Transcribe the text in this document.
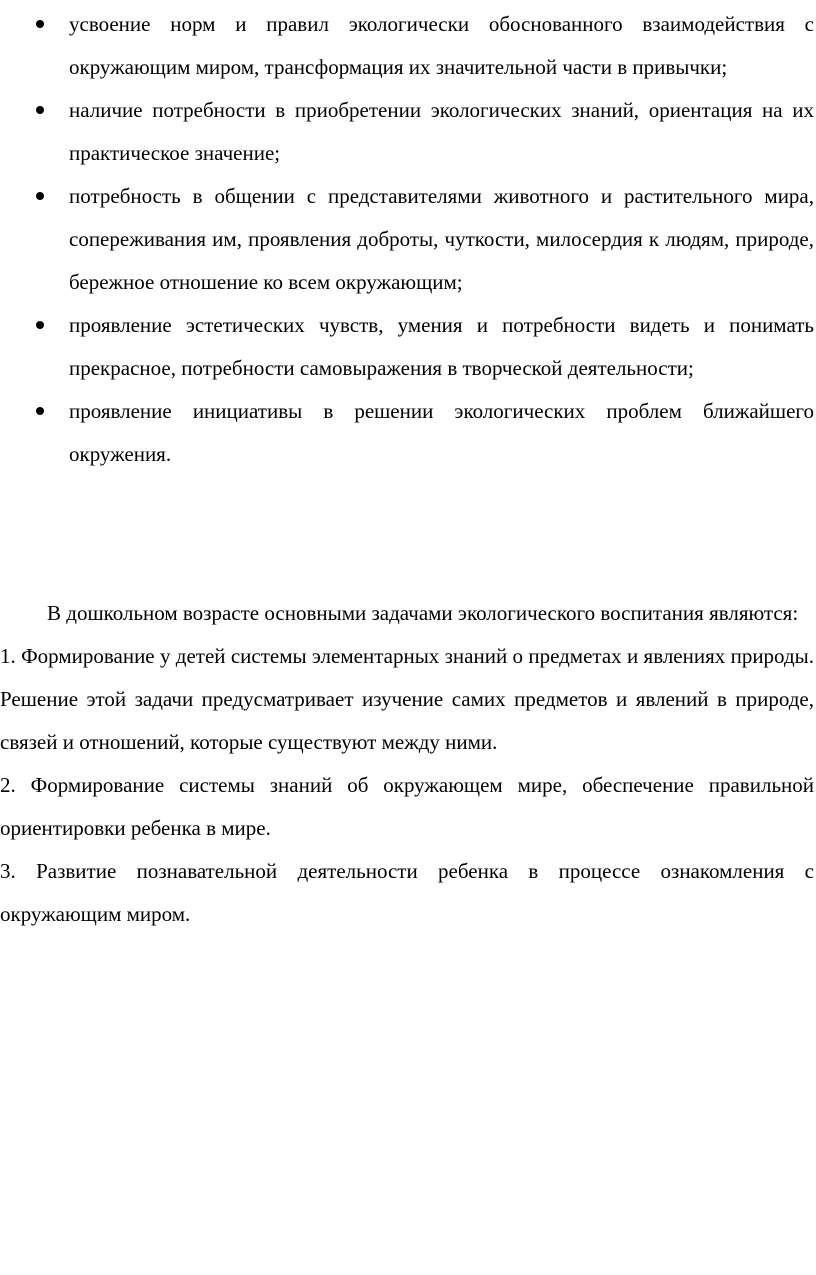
усвоение норм и правил экологически обоснованного взаимодействия с окружающим миром, трансформация их значительной части в привычки;
наличие потребности в приобретении экологических знаний, ориентация на их практическое значение;
потребность в общении с представителями животного и растительного мира, сопереживания им, проявления доброты, чуткости, милосердия к людям, природе, бережное отношение ко всем окружающим;
проявление эстетических чувств, умения и потребности видеть и понимать прекрасное, потребности самовыражения в творческой деятельности;
проявление инициативы в решении экологических проблем ближайшего окружения.

В дошкольном возрасте основными задачами экологического воспитания являются:

1. Формирование у детей системы элементарных знаний о предметах и явлениях природы. Решение этой задачи предусматривает изучение самих предметов и явлений в природе, связей и отношений, которые существуют между ними.

2. Формирование системы знаний об окружающем мире, обеспечение правильной ориентировки ребенка в мире.

3. Развитие познавательной деятельности ребенка в процессе ознакомления с окружающим миром.
